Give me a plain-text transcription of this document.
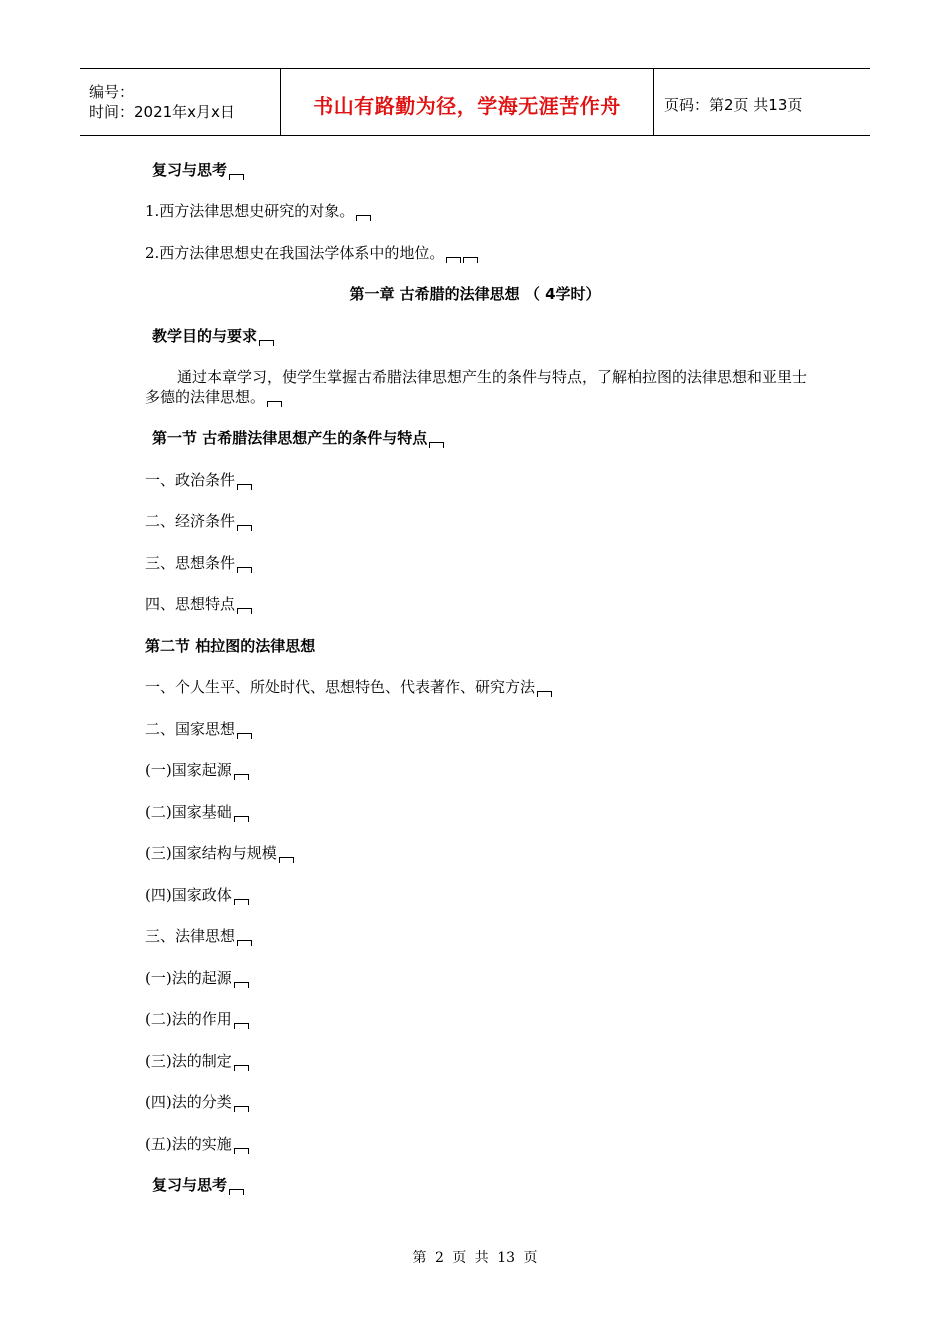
编号：
时间：2021年x月x日	书山有路勤为径，学海无涯苦作舟	页码：第2页 共13页
复习与思考
1.西方法律思想史研究的对象。
2.西方法律思想史在我国法学体系中的地位。
第一章 古希腊的法律思想 （ 4学时）
教学目的与要求
通过本章学习，使学生掌握古希腊法律思想产生的条件与特点，了解柏拉图的法律思想和亚里士多德的法律思想。
第一节 古希腊法律思想产生的条件与特点
一、政治条件
二、经济条件
三、思想条件
四、思想特点
第二节 柏拉图的法律思想
一、个人生平、所处时代、思想特色、代表著作、研究方法
二、国家思想
(一)国家起源
(二)国家基础
(三)国家结构与规模
(四)国家政体
三、法律思想
(一)法的起源
(二)法的作用
(三)法的制定
(四)法的分类
(五)法的实施
复习与思考
第 2 页 共 13 页
